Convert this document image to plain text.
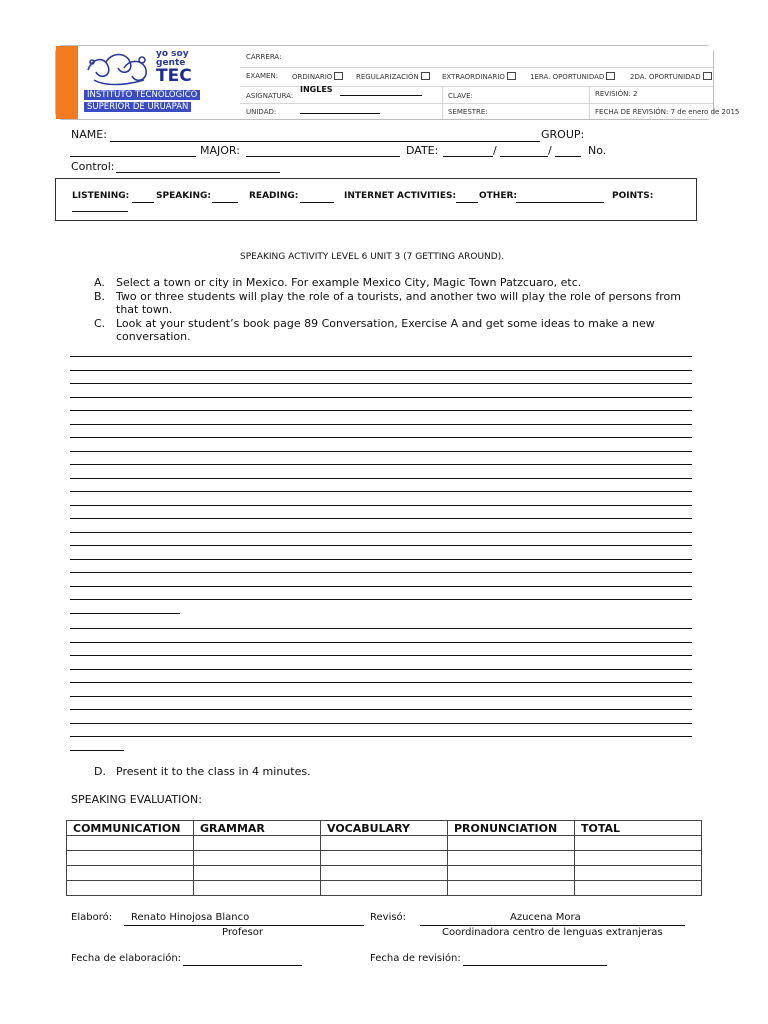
yo soy
gente
TEC
INSTITUTO TECNOLÓGICO
SUPERIOR DE URUAPAN
CARRERA:
EXAMEN: ORDINARIO	REGULARIZACIÓN	EXTRAORDINARIO	1ERA. OPORTUNIDAD	2DA. OPORTUNIDAD
ASIGNATURA:
INGLES
CLAVE:	REVISIÓN: 2
UNIDAD:	SEMESTRE:	FECHA DE REVISIÓN: 7 de enero de 2015
NAME:	GROUP:
MAJOR:	DATE:	/	/	No.
Control:
LISTENING:	SPEAKING:	READING:	INTERNET ACTIVITIES:	OTHER:	POINTS:
SPEAKING ACTIVITY LEVEL 6 UNIT 3 (7 GETTING AROUND).
A. Select a town or city in Mexico. For example Mexico City, Magic Town Patzcuaro, etc.
B. Two or three students will play the role of a tourists, and another two will play the role of persons from
that town.
C. Look at your student’s book page 89 Conversation, Exercise A and get some ideas to make a new
conversation.
D. Present it to the class in 4 minutes.
SPEAKING EVALUATION:
COMMUNICATION	GRAMMAR	VOCABULARY	PRONUNCIATION	TOTAL

Elaboró: Renato Hinojosa Blanco
Profesor
Revisó:	Azucena Mora
Coordinadora centro de lenguas extranjeras
Fecha de elaboración:	Fecha de revisión:
